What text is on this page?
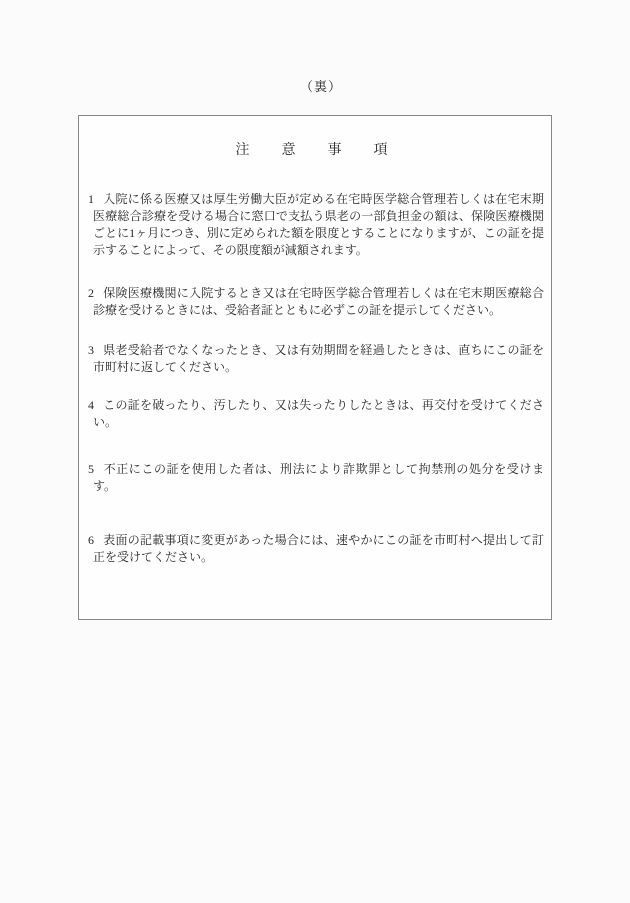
（裏）
注　意　事　項

1 入院に係る医療又は厚生労働大臣が定める在宅時医学総合管理若しくは在宅末期医療総合診療を受ける場合に窓口で支払う県老の一部負担金の額は、保険医療機関ごとに1ヶ月につき、別に定められた額を限度とすることになりますが、この証を提示することによって、その限度額が減額されます。

2 保険医療機関に入院するとき又は在宅時医学総合管理若しくは在宅末期医療総合診療を受けるときには、受給者証とともに必ずこの証を提示してください。

3 県老受給者でなくなったとき、又は有効期間を経過したときは、直ちにこの証を市町村に返してください。

4 この証を破ったり、汚したり、又は失ったりしたときは、再交付を受けてください。

5 不正にこの証を使用した者は、刑法により詐欺罪として拘禁刑の処分を受けます。

6 表面の記載事項に変更があった場合には、速やかにこの証を市町村へ提出して訂正を受けてください。
